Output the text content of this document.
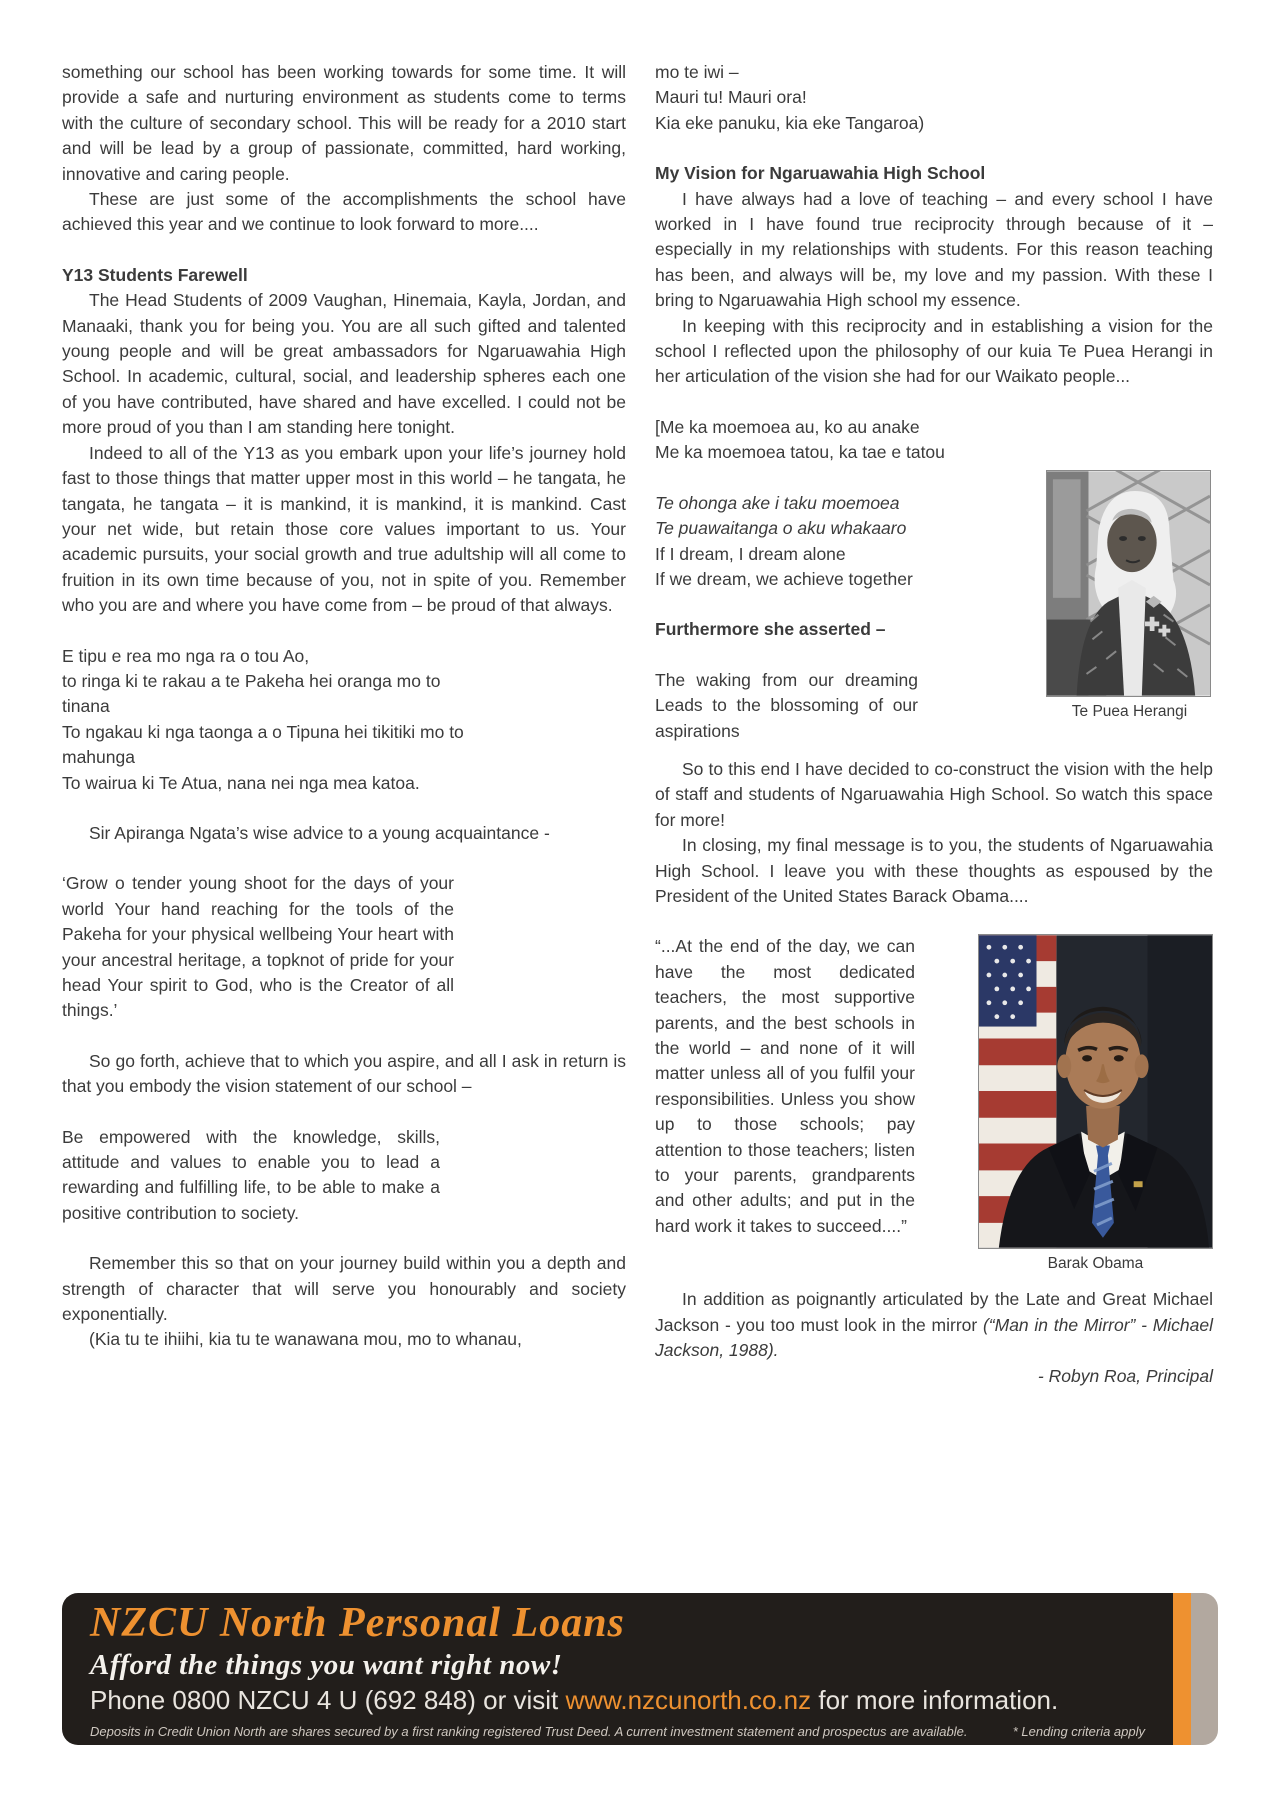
something our school has been working towards for some time. It will provide a safe and nurturing environment as students come to terms with the culture of secondary school. This will be ready for a 2010 start and will be lead by a group of passionate, committed, hard working, innovative and caring people.

These are just some of the accomplishments the school have achieved this year and we continue to look forward to more....

Y13 Students Farewell

The Head Students of 2009 Vaughan, Hinemaia, Kayla, Jordan, and Manaaki, thank you for being you. You are all such gifted and talented young people and will be great ambassadors for Ngaruawahia High School. In academic, cultural, social, and leadership spheres each one of you have contributed, have shared and have excelled. I could not be more proud of you than I am standing here tonight.

Indeed to all of the Y13 as you embark upon your life’s journey hold fast to those things that matter upper most in this world – he tangata, he tangata, he tangata – it is mankind, it is mankind, it is mankind. Cast your net wide, but retain those core values important to us. Your academic pursuits, your social growth and true adultship will all come to fruition in its own time because of you, not in spite of you. Remember who you are and where you have come from – be proud of that always.

E tipu e rea mo nga ra o tou Ao,
to ringa ki te rakau a te Pakeha hei oranga mo to tinana
To ngakau ki nga taonga a o Tipuna hei tikitiki mo to mahunga
To wairua ki Te Atua, nana nei nga mea katoa.

Sir Apiranga Ngata’s wise advice to a young acquaintance -

‘Grow o tender young shoot for the days of your world Your hand reaching for the tools of the Pakeha for your physical wellbeing Your heart with your ancestral heritage, a topknot of pride for your head Your spirit to God, who is the Creator of all things.’

So go forth, achieve that to which you aspire, and all I ask in return is that you embody the vision statement of our school –

Be empowered with the knowledge, skills, attitude and values to enable you to lead a rewarding and fulfilling life, to be able to make a positive contribution to society.

Remember this so that on your journey build within you a depth and strength of character that will serve you honourably and society exponentially.

(Kia tu te ihiihi, kia tu te wanawana mou, mo to whanau,

mo te iwi –
Mauri tu! Mauri ora!
Kia eke panuku, kia eke Tangaroa)
My Vision for Ngaruawahia High School

I have always had a love of teaching – and every school I have worked in I have found true reciprocity through because of it – especially in my relationships with students. For this reason teaching has been, and always will be, my love and my passion. With these I bring to Ngaruawahia High school my essence.

In keeping with this reciprocity and in establishing a vision for the school I reflected upon the philosophy of our kuia Te Puea Herangi in her articulation of the vision she had for our Waikato people...

[Me ka moemoea au, ko au anake
Me ka moemoea tatou, ka tae e tatou
Te ohonga ake i taku moemoea
Te puawaitanga o aku whakaaro
If I dream, I dream alone
If we dream, we achieve together
Furthermore she asserted –
The waking from our dreaming Leads to the blossoming of our aspirations
Te Puea Herangi

So to this end I have decided to co-construct the vision with the help of staff and students of Ngaruawahia High School. So watch this space for more!

In closing, my final message is to you, the students of Ngaruawahia High School. I leave you with these thoughts as espoused by the President of the United States Barack Obama....

“...At the end of the day, we can have the most dedicated teachers, the most supportive parents, and the best schools in the world – and none of it will matter unless all of you fulfil your responsibilities. Unless you show up to those schools; pay attention to those teachers; listen to your parents, grandparents and other adults; and put in the hard work it takes to succeed....”
Barak Obama

In addition as poignantly articulated by the Late and Great Michael Jackson - you too must look in the mirror (“Man in the Mirror” - Michael Jackson, 1988).

- Robyn Roa, Principal
NZCU North Personal Loans
Afford the things you want right now!
Phone 0800 NZCU 4 U (692 848) or visit www.nzcunorth.co.nz for more information.
Deposits in Credit Union North are shares secured by a first ranking registered Trust Deed. A current investment statement and prospectus are available.	* Lending criteria apply
